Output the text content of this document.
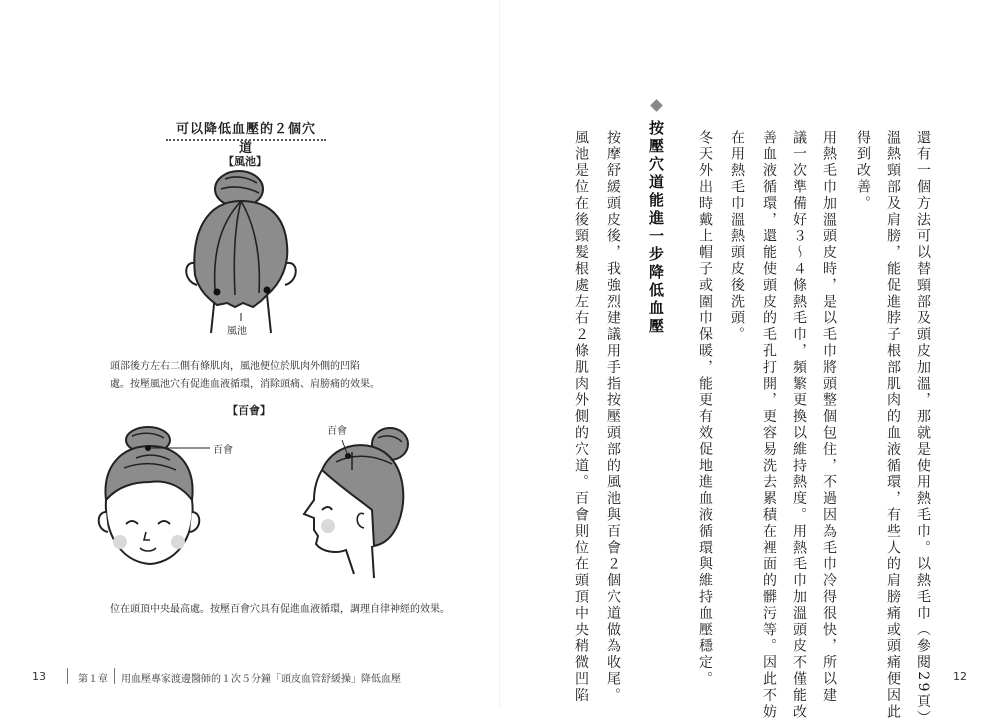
可以降低血壓的２個穴道
【風池】
風池
頭部後方左右二側有條肌肉，風池便位於肌肉外側的凹陷
處。按壓風池穴有促進血液循環，消除頭痛、肩膀痛的效果。
【百會】
百會
百會
位在頭頂中央最高處。按壓百會穴具有促進血液循環，調理自律神經的效果。	還有一個方法可以替頸部及頭皮加溫，那就是使用熱毛巾。以熱毛巾（參閱29頁）
溫熱頸部及肩膀，能促進脖子根部肌肉的血液循環，有些人的肩膀痛或頭痛便因此
得到改善。
用熱毛巾加溫頭皮時，是以毛巾將頭整個包住，不過因為毛巾冷得很快，所以建
議一次準備好３～４條熱毛巾，頻繁更換以維持熱度。用熱毛巾加溫頭皮不僅能改
善血液循環，還能使頭皮的毛孔打開，更容易洗去累積在裡面的髒污等。因此不妨
在用熱毛巾溫熱頭皮後洗頭。
冬天外出時戴上帽子或圍巾保暖，能更有效促地進血液循環與維持血壓穩定。
按壓穴道能進一步降低血壓
按摩舒緩頭皮後，我強烈建議用手指按壓頭部的風池與百會２個穴道做為收尾。
風池是位在後頸髮根處左右２條肌肉外側的穴道。百會則位在頭頂中央稍微凹陷
13	第１章 用血壓專家渡邊醫師的１次５分鐘「頭皮血管舒緩操」降低血壓	12
